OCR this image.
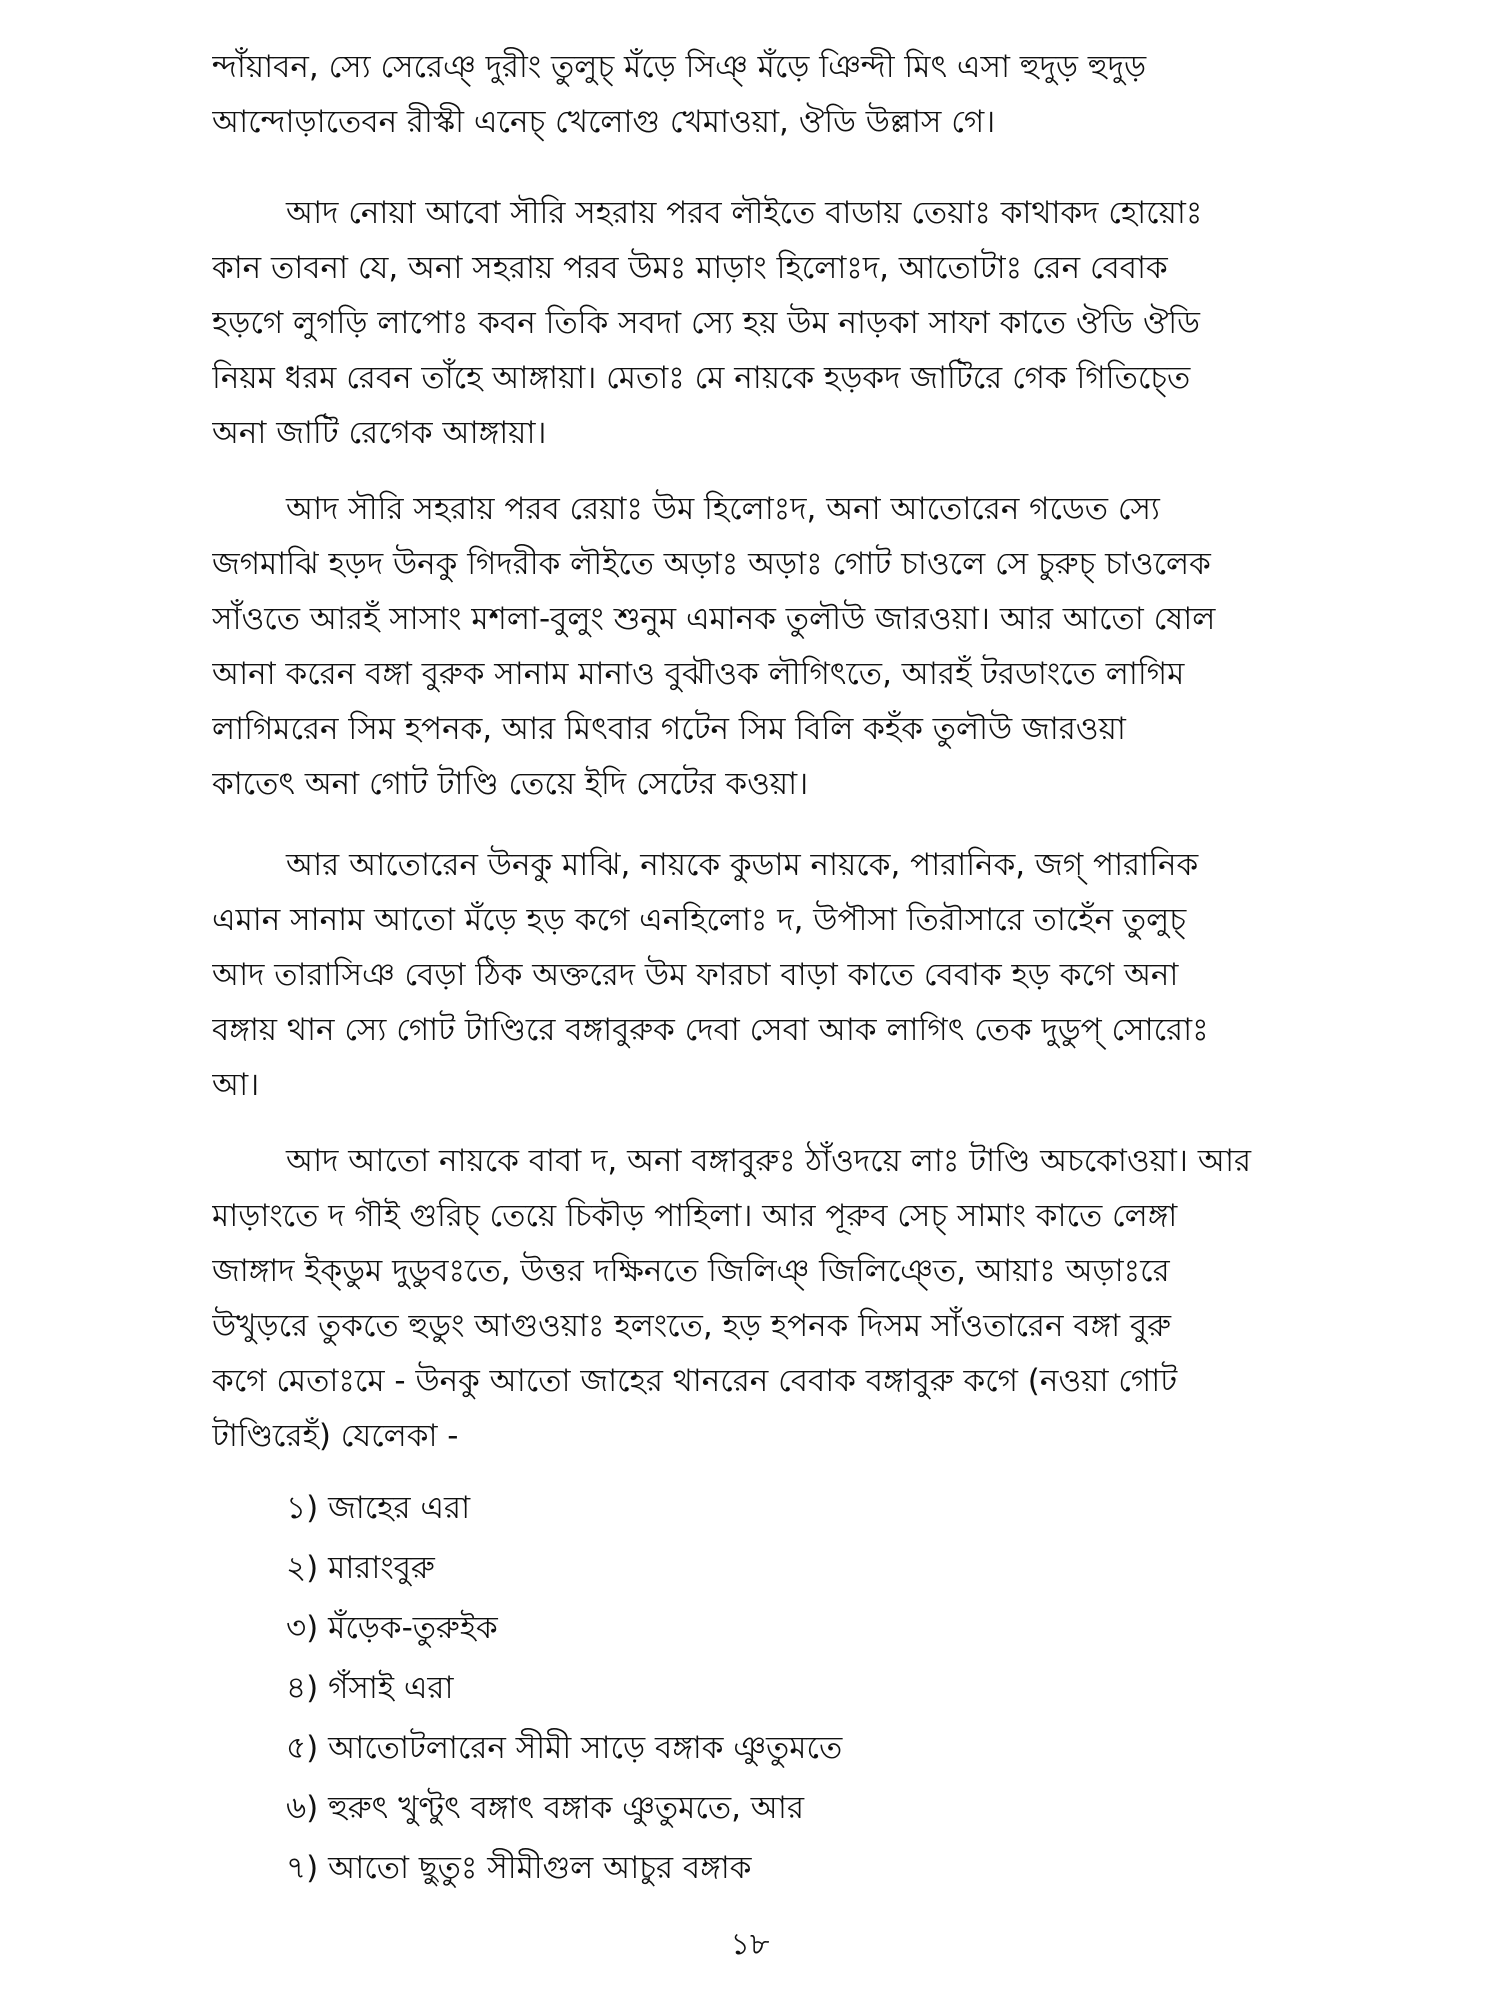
ন্দাঁয়াবন, স্যে সেরেঞ্ দুরীং তুলুচ্ মঁড়ে সিঞ্ মঁড়ে ঞিন্দী মিৎ এসা হুদুড় হুদুড়
আন্দোড়াতেবন রীস্কী এনেচ্ খেলোগু খেমাওয়া, ঔডি উল্লাস গে।

আদ নোয়া আবো সৗরি সহরায় পরব লৗইতে বাডায় তেয়াঃ কাথাকদ হোয়োঃ
কান তাবনা যে, অনা সহরায় পরব উমঃ মাড়াং হিলোঃদ, আতোটাঃ রেন বেবাক
হড়গে লুগড়ি লাপোঃ কবন তিকি সবদা স্যে হয় উম নাড়কা সাফা কাতে ঔডি ঔডি
নিয়ম ধরম রেবন তাঁহে আঙ্গায়া। মেতাঃ মে নায়কে হড়কদ জাটিরে গেক গিতিচ্তে
অনা জাটি রেগেক আঙ্গায়া।

আদ সৗরি সহরায় পরব রেয়াঃ উম হিলোঃদ, অনা আতোরেন গডেত স্যে
জগমাঝি হড়দ উনকু গিদরীক লৗইতে অড়াঃ অড়াঃ গোট চাওলে সে চুরুচ্ চাওলেক
সাঁওতে আরহঁ সাসাং মশলা-বুলুং শুনুম এমানক তুলৗউ জারওয়া। আর আতো ষোল
আনা করেন বঙ্গা বুরুক সানাম মানাও বুঝৗওক লৗগিৎতে, আরহঁ টরডাংতে লাগিম
লাগিমরেন সিম হপনক, আর মিৎবার গটেন সিম বিলি কহঁক তুলৗউ জারওয়া
কাতেৎ অনা গোট টাণ্ডি তেয়ে ইদি সেটের কওয়া।

আর আতোরেন উনকু মাঝি, নায়কে কুডাম নায়কে, পারানিক, জগ্ পারানিক
এমান সানাম আতো মঁড়ে হড় কগে এনহিলোঃ দ, উপৗসা তিরৗসারে তাহেঁন তুলুচ্
আদ তারাসিঞ বেড়া ঠিক অক্তরেদ উম ফারচা বাড়া কাতে বেবাক হড় কগে অনা
বঙ্গায় থান স্যে গোট টাণ্ডিরে বঙ্গাবুরুক দেবা সেবা আক লাগিৎ তেক দুডুপ্ সোরোঃ
আ।

আদ আতো নায়কে বাবা দ, অনা বঙ্গাবুরুঃ ঠাঁওদয়ে লাঃ টাণ্ডি অচকোওয়া। আর
মাড়াংতে দ গৗই গুরিচ্ তেয়ে চিকৗড় পাহিলা। আর পূরুব সেচ্ সামাং কাতে লেঙ্গা
জাঙ্গাদ ইক্ডুম দুডুবঃতে, উত্তর দক্ষিনতে জিলিঞ্ জিলিঞ্তে, আয়াঃ অড়াঃরে
উখুড়রে তুকতে হুডুং আগুওয়াঃ হলংতে, হড় হপনক দিসম সাঁওতারেন বঙ্গা বুরু
কগে মেতাঃমে - উনকু আতো জাহের থানরেন বেবাক বঙ্গাবুরু কগে (নওয়া গোট
টাণ্ডিরেহঁ) যেলেকা -

১) জাহের এরা
২) মারাংবুরু
৩) মঁড়েক-তুরুইক
৪) গঁসাই এরা
৫) আতোটলারেন সীমী সাড়ে বঙ্গাক ঞুতুমতে
৬) হুরুৎ খুণ্টুৎ বঙ্গাৎ বঙ্গাক ঞুতুমতে, আর
৭) আতো ছুতুঃ সীমীগুল আচুর বঙ্গাক
১৮
